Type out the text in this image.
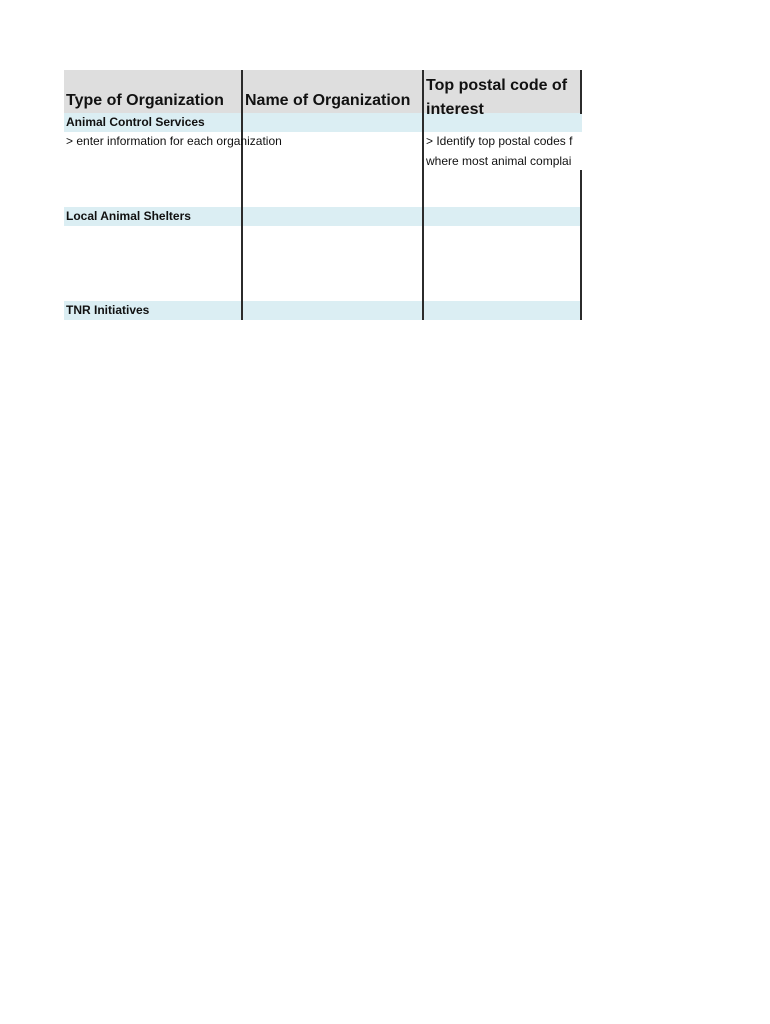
Type of Organization Name of Organization
Top postal code of interest
Animal Control Services
> enter information for each organization	> Identify top postal codes f
where most animal complai
Local Animal Shelters
TNR Initiatives
